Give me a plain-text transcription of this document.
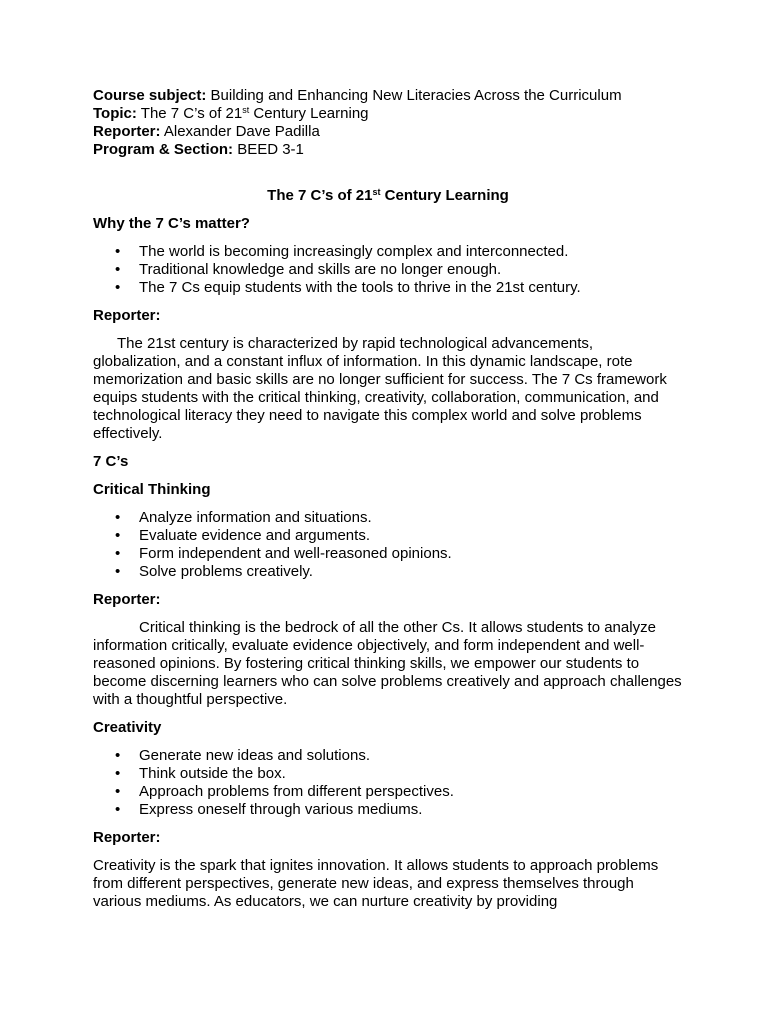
Course subject: Building and Enhancing New Literacies Across the Curriculum

Topic: The 7 C’s of 21st Century Learning

Reporter: Alexander Dave Padilla

Program & Section: BEED 3-1

The 7 C’s of 21st Century Learning

Why the 7 C’s matter?
• The world is becoming increasingly complex and interconnected.
• Traditional knowledge and skills are no longer enough.
• The 7 Cs equip students with the tools to thrive in the 21st century.
Reporter:

The 21st century is characterized by rapid technological advancements, globalization, and a constant influx of information. In this dynamic landscape, rote memorization and basic skills are no longer sufficient for success. The 7 Cs framework equips students with the critical thinking, creativity, collaboration, communication, and technological literacy they need to navigate this complex world and solve problems effectively.

7 C’s
Critical Thinking
• Analyze information and situations.
• Evaluate evidence and arguments.
• Form independent and well-reasoned opinions.
• Solve problems creatively.
Reporter:

Critical thinking is the bedrock of all the other Cs. It allows students to analyze information critically, evaluate evidence objectively, and form independent and well-reasoned opinions. By fostering critical thinking skills, we empower our students to become discerning learners who can solve problems creatively and approach challenges with a thoughtful perspective.

Creativity
• Generate new ideas and solutions.
• Think outside the box.
• Approach problems from different perspectives.
• Express oneself through various mediums.
Reporter:

Creativity is the spark that ignites innovation. It allows students to approach problems from different perspectives, generate new ideas, and express themselves through various mediums. As educators, we can nurture creativity by providing
